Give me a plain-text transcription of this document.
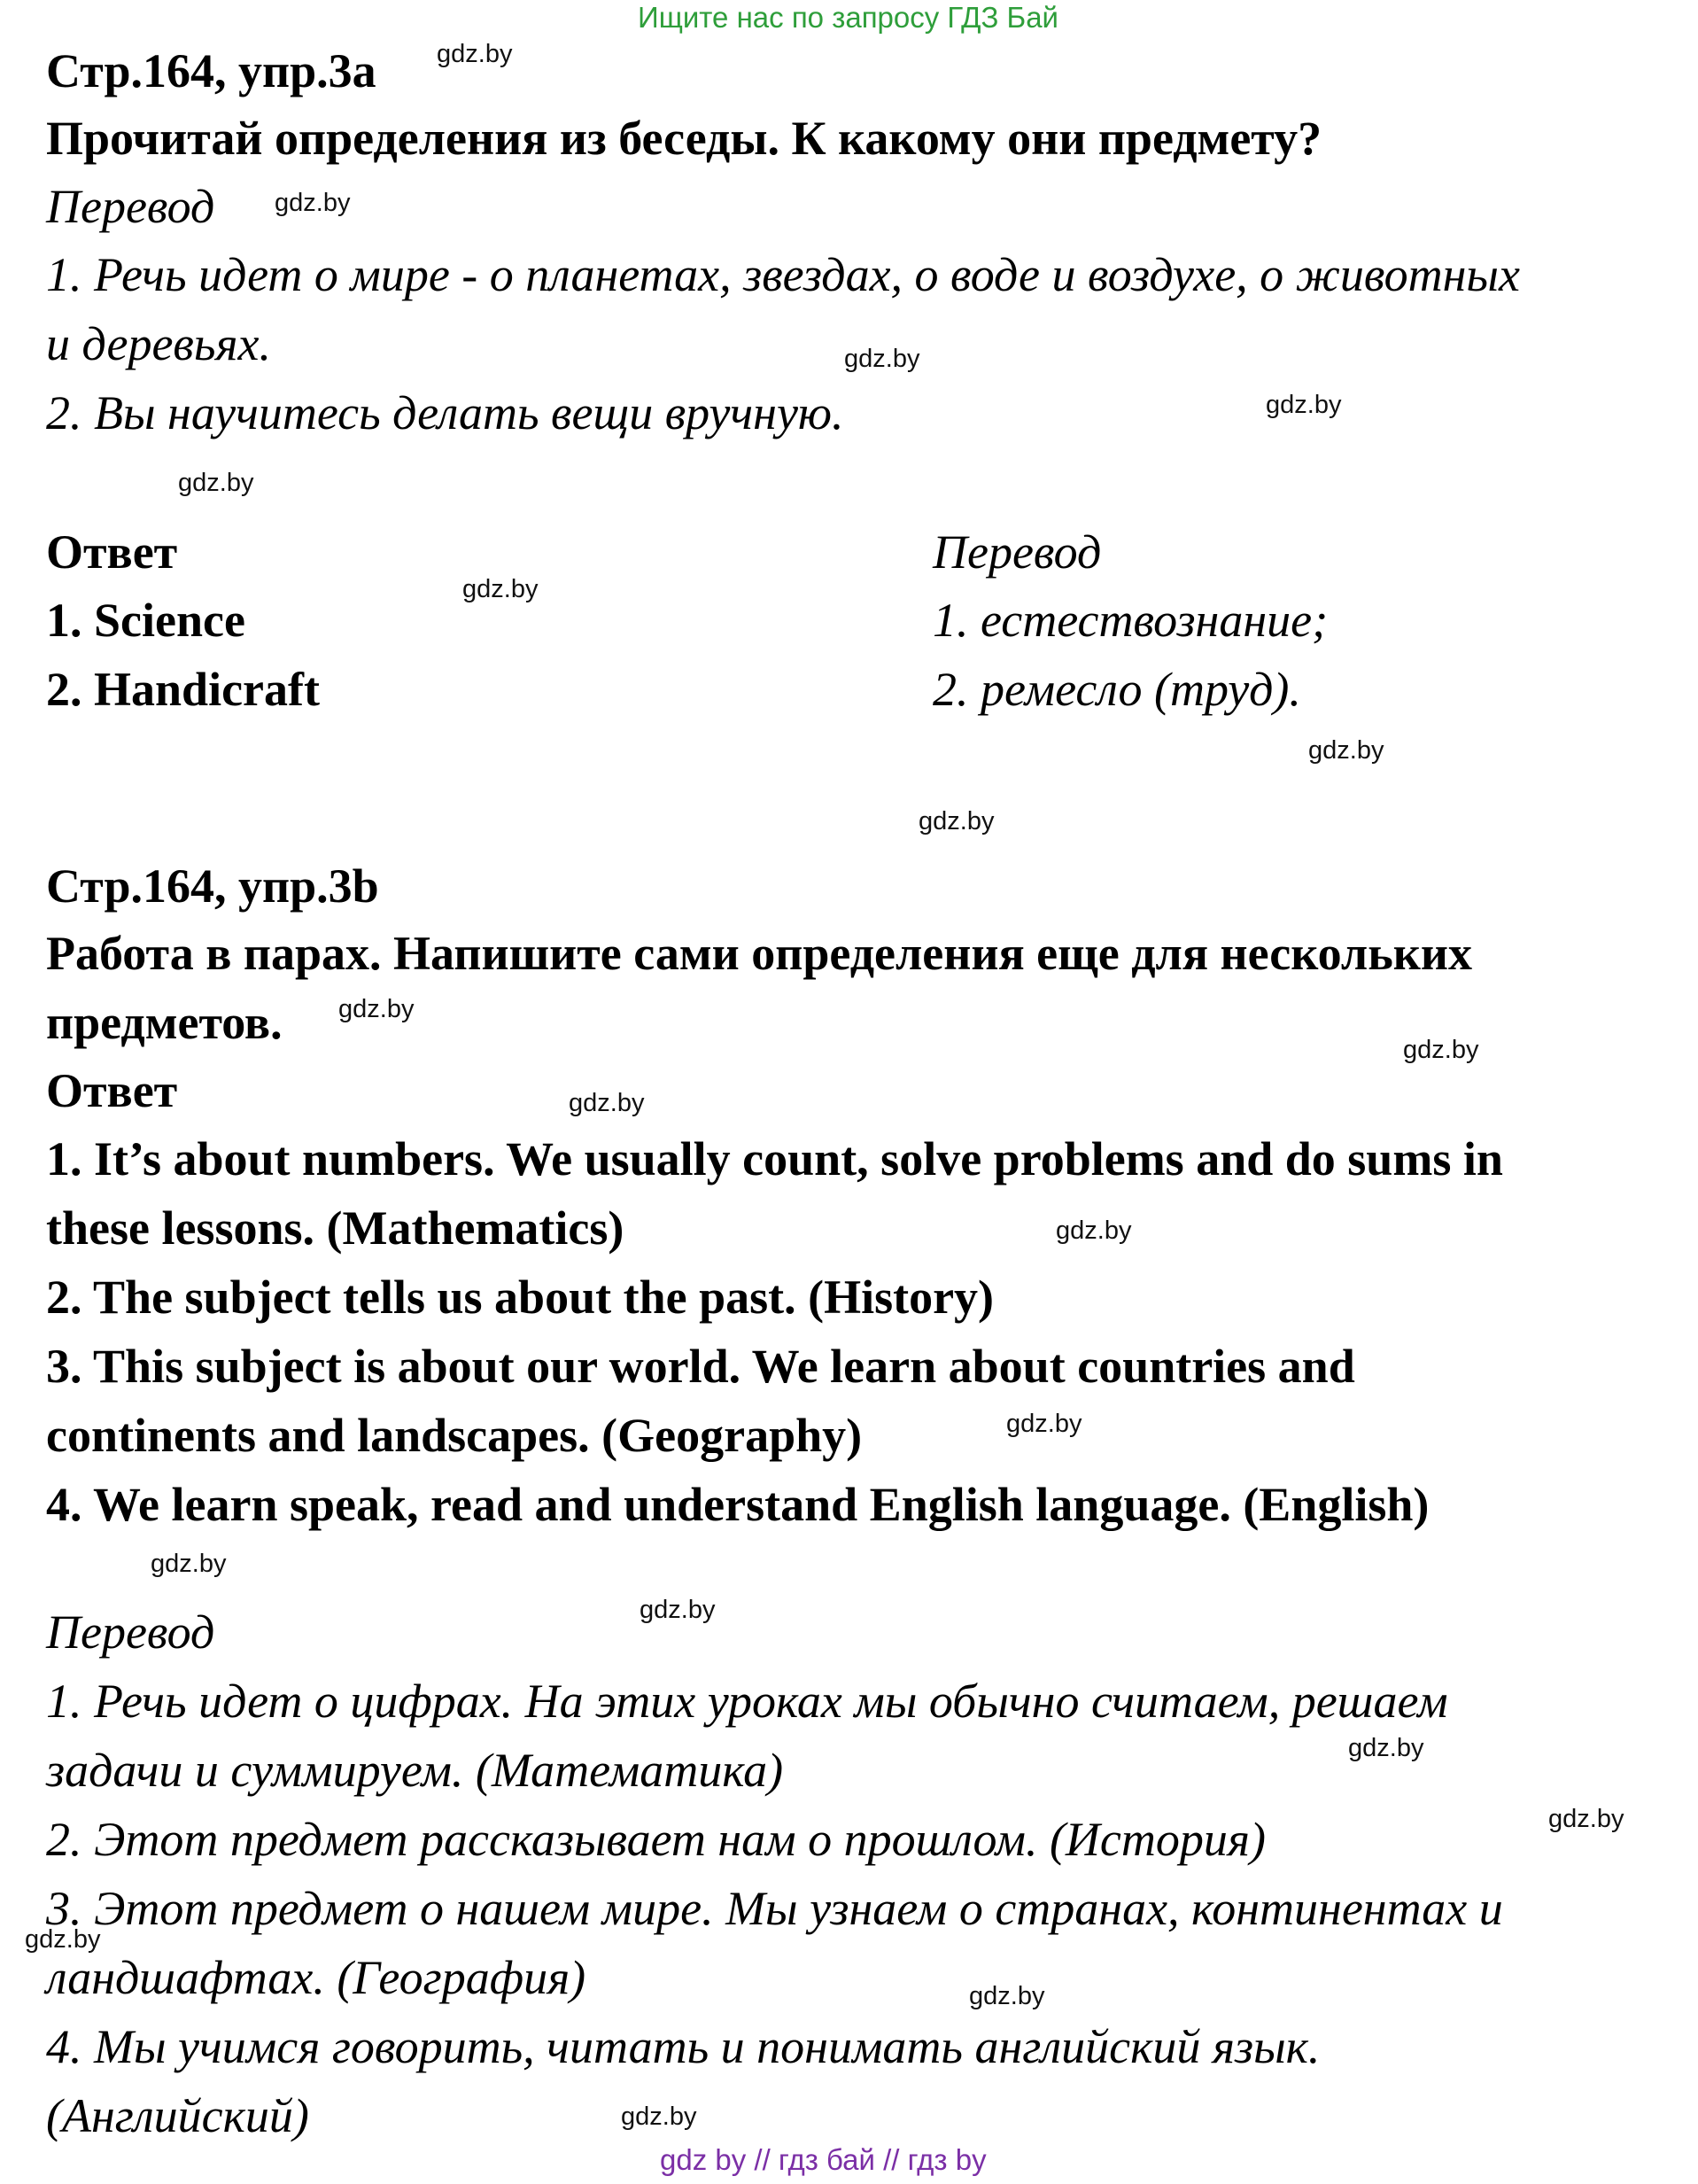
Ищите нас по запросу ГДЗ Бай
Стр.164, упр.3a
Прочитай определения из беседы. К какому они предмету?
Перевод
1. Речь идет о мире - о планетах, звездах, о воде и воздухе, о животных
и деревьях.
2. Вы научитесь делать вещи вручную.
Ответ
1. Science
2. Handicraft
Перевод
1. естествознание;
2. ремесло (труд).
Стр.164, упр.3b
Работа в парах. Напишите сами определения еще для нескольких
предметов.
Ответ
1. It’s about numbers. We usually count, solve problems and do sums in
these lessons. (Mathematics)
2. The subject tells us about the past. (History)
3. This subject is about our world. We learn about countries and
continents and landscapes. (Geography)
4. We learn speak, read and understand English language. (English)
Перевод
1. Речь идет о цифрах. На этих уроках мы обычно считаем, решаем
задачи и суммируем. (Математика)
2. Этот предмет рассказывает нам о прошлом. (История)
3. Этот предмет о нашем мире. Мы узнаем о странах, континентах и
ландшафтах. (География)
4. Мы учимся говорить, читать и понимать английский язык.
(Английский)
gdz.by
gdz.by
gdz.by
gdz.by
gdz.by
gdz.by
gdz.by
gdz.by
gdz.by
gdz.by
gdz.by
gdz.by
gdz.by
gdz.by
gdz.by
gdz.by
gdz.by
gdz.by
gdz.by
gdz.by
gdz by // гдз бай // гдз by
